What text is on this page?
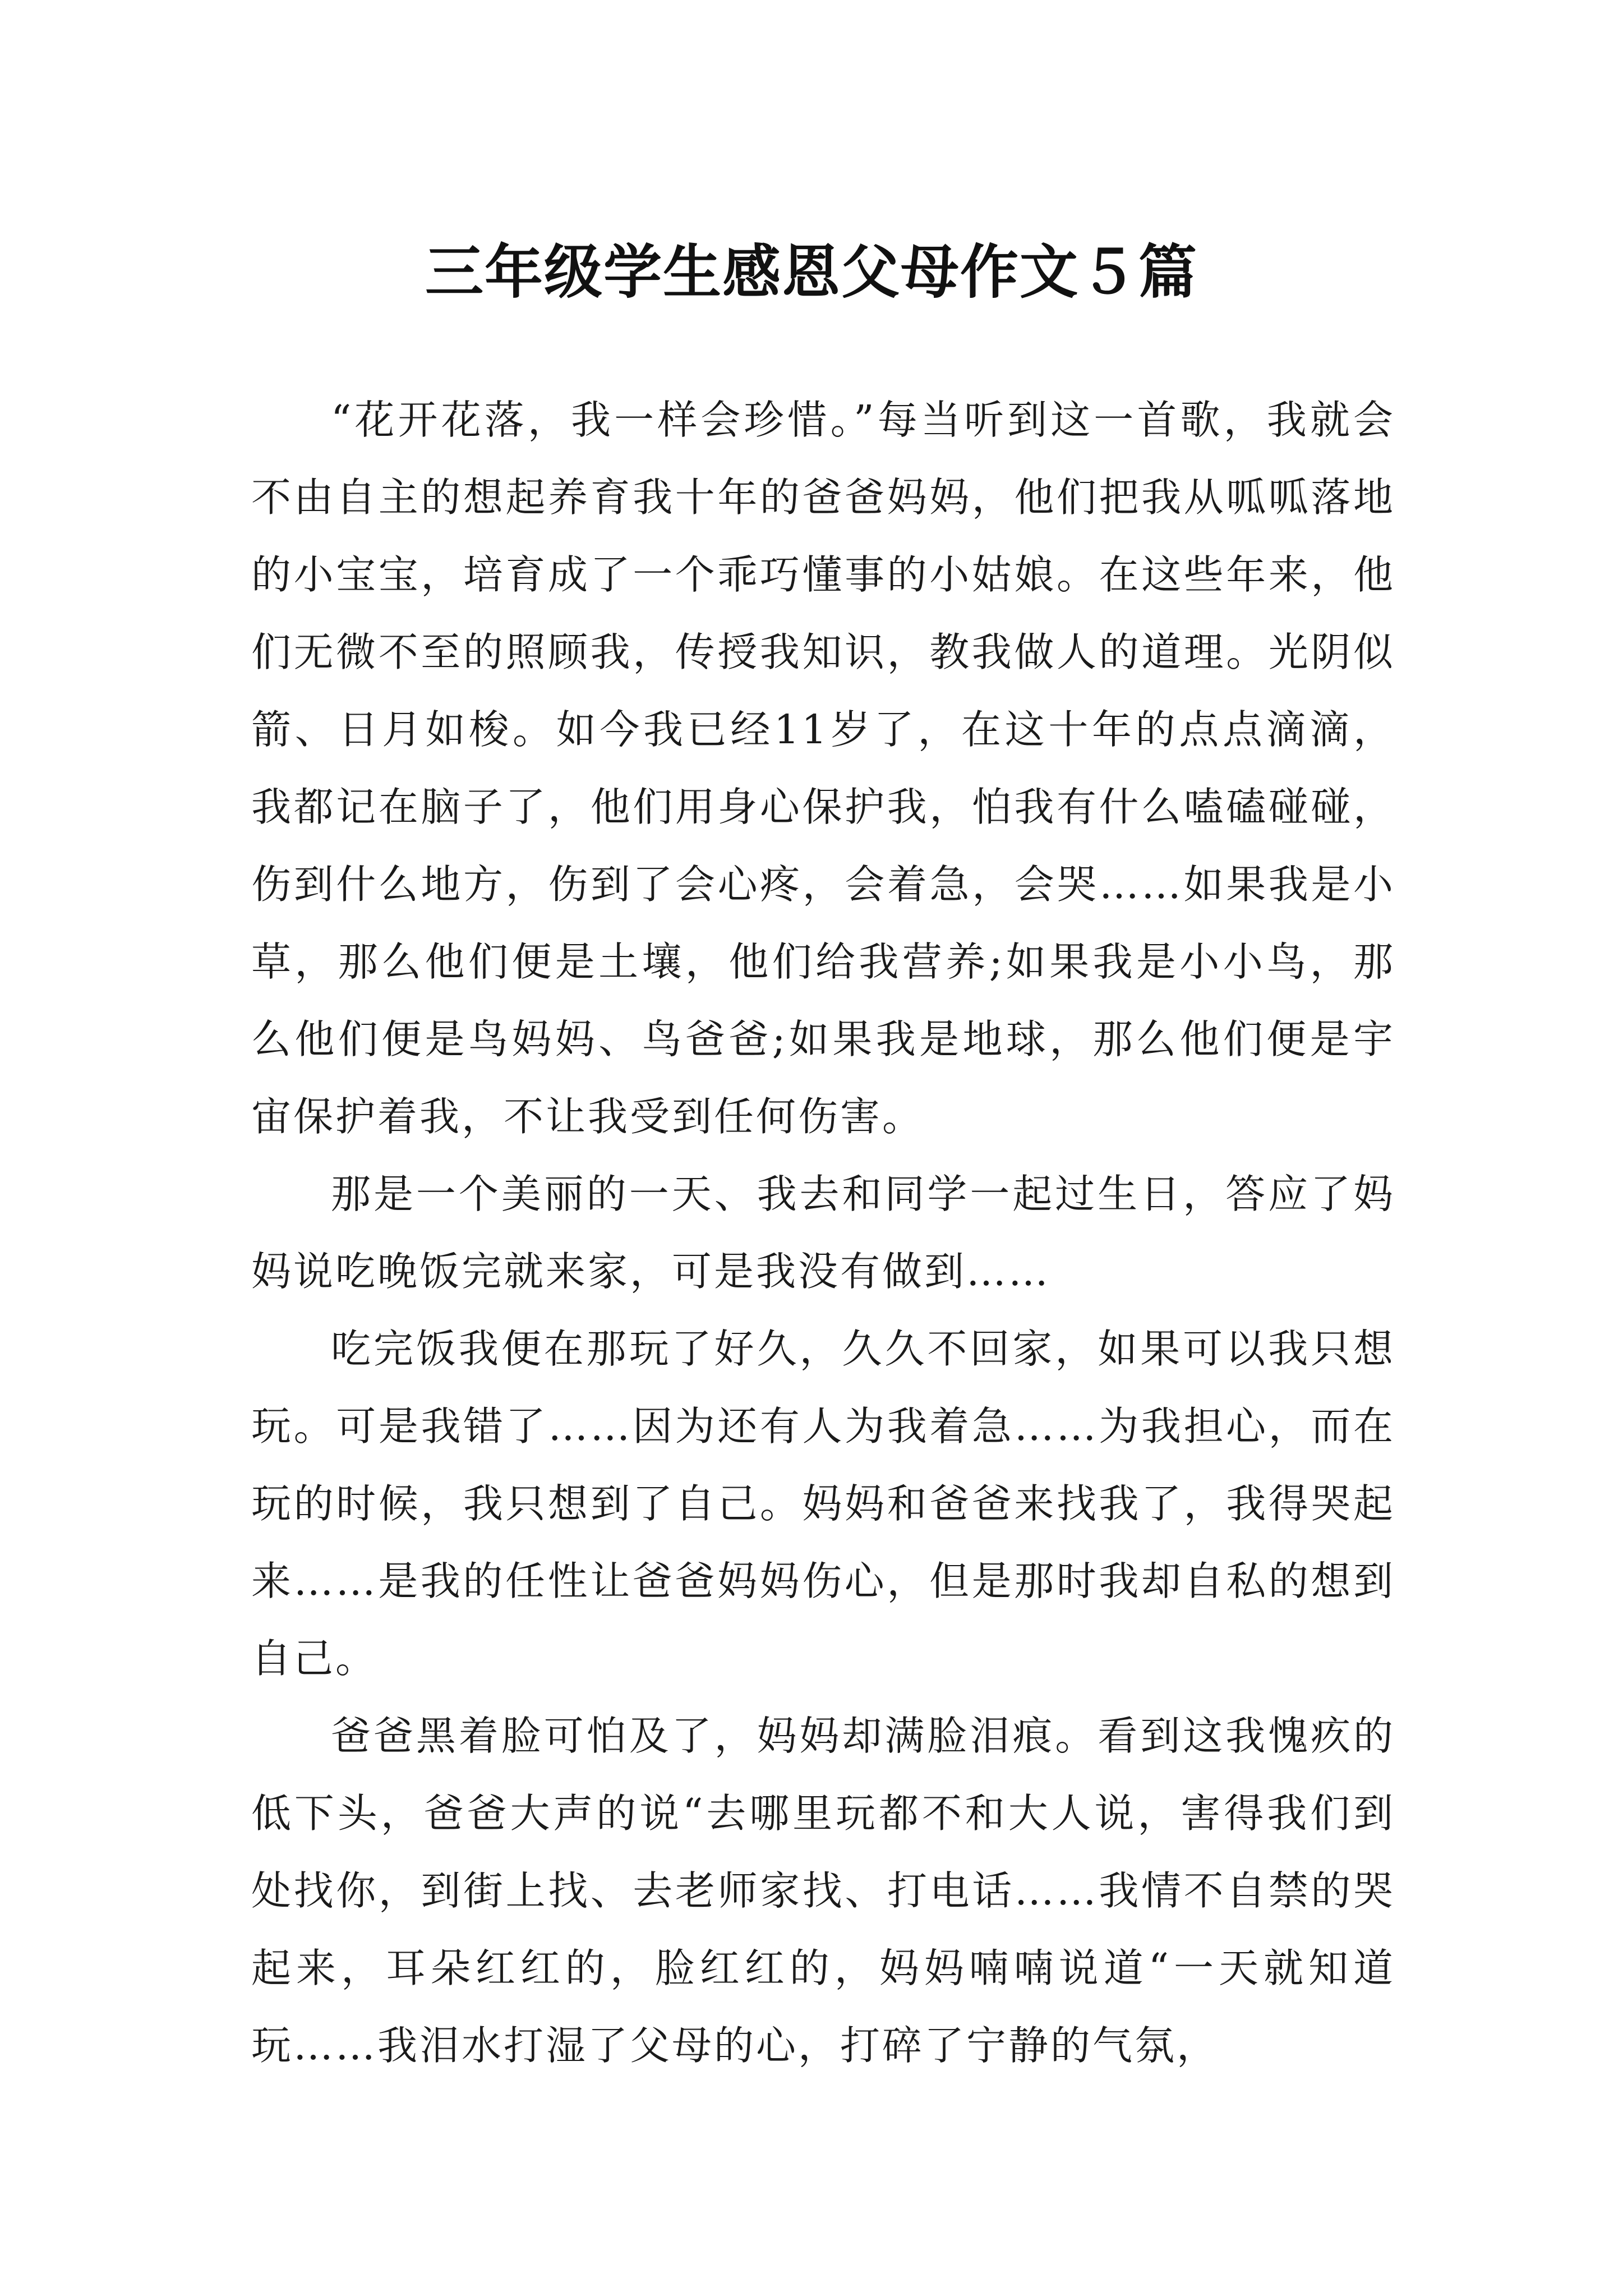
三年级学生感恩父母作文５篇

“花开花落，我一样会珍惜。”每当听到这一首歌，我就会不由自主的想起养育我十年的爸爸妈妈，他们把我从呱呱落地的小宝宝，培育成了一个乖巧懂事的小姑娘。在这些年来，他们无微不至的照顾我，传授我知识，教我做人的道理。光阴似箭、日月如梭。如今我已经11岁了，在这十年的点点滴滴，我都记在脑子了，他们用身心保护我，怕我有什么嗑磕碰碰，伤到什么地方，伤到了会心疼，会着急，会哭……如果我是小草，那么他们便是土壤，他们给我营养;如果我是小小鸟，那么他们便是鸟妈妈、鸟爸爸;如果我是地球，那么他们便是宇宙保护着我，不让我受到任何伤害。

那是一个美丽的一天、我去和同学一起过生日，答应了妈妈说吃晚饭完就来家，可是我没有做到……

吃完饭我便在那玩了好久，久久不回家，如果可以我只想玩。可是我错了……因为还有人为我着急……为我担心，而在玩的时候，我只想到了自己。妈妈和爸爸来找我了，我得哭起来……是我的任性让爸爸妈妈伤心，但是那时我却自私的想到自己。

爸爸黑着脸可怕及了，妈妈却满脸泪痕。看到这我愧疚的低下头，爸爸大声的说“去哪里玩都不和大人说，害得我们到处找你，到街上找、去老师家找、打电话……我情不自禁的哭起来，耳朵红红的，脸红红的，妈妈喃喃说道“一天就知道玩……我泪水打湿了父母的心，打碎了宁静的气氛，
